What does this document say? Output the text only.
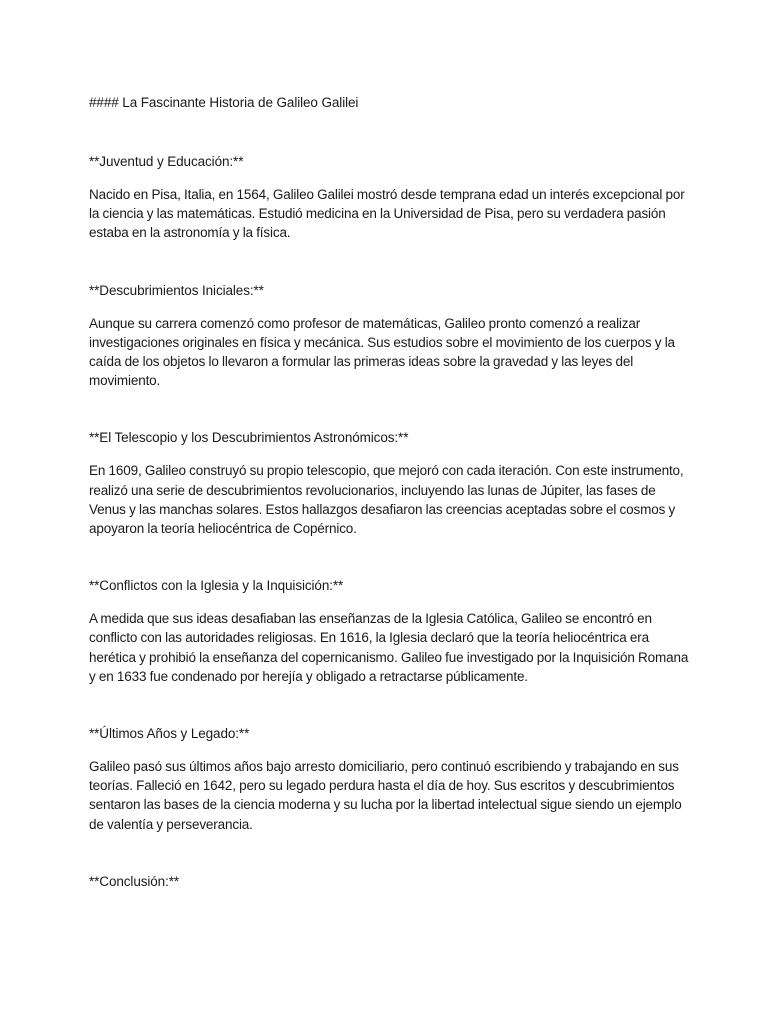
#### La Fascinante Historia de Galileo Galilei

**Juventud y Educación:**

Nacido en Pisa, Italia, en 1564, Galileo Galilei mostró desde temprana edad un interés excepcional por la ciencia y las matemáticas. Estudió medicina en la Universidad de Pisa, pero su verdadera pasión estaba en la astronomía y la física.

**Descubrimientos Iniciales:**

Aunque su carrera comenzó como profesor de matemáticas, Galileo pronto comenzó a realizar investigaciones originales en física y mecánica. Sus estudios sobre el movimiento de los cuerpos y la caída de los objetos lo llevaron a formular las primeras ideas sobre la gravedad y las leyes del movimiento.

**El Telescopio y los Descubrimientos Astronómicos:**

En 1609, Galileo construyó su propio telescopio, que mejoró con cada iteración. Con este instrumento, realizó una serie de descubrimientos revolucionarios, incluyendo las lunas de Júpiter, las fases de Venus y las manchas solares. Estos hallazgos desafiaron las creencias aceptadas sobre el cosmos y apoyaron la teoría heliocéntrica de Copérnico.

**Conflictos con la Iglesia y la Inquisición:**

A medida que sus ideas desafiaban las enseñanzas de la Iglesia Católica, Galileo se encontró en conflicto con las autoridades religiosas. En 1616, la Iglesia declaró que la teoría heliocéntrica era herética y prohibió la enseñanza del copernicanismo. Galileo fue investigado por la Inquisición Romana y en 1633 fue condenado por herejía y obligado a retractarse públicamente.

**Últimos Años y Legado:**

Galileo pasó sus últimos años bajo arresto domiciliario, pero continuó escribiendo y trabajando en sus teorías. Falleció en 1642, pero su legado perdura hasta el día de hoy. Sus escritos y descubrimientos sentaron las bases de la ciencia moderna y su lucha por la libertad intelectual sigue siendo un ejemplo de valentía y perseverancia.

**Conclusión:**
